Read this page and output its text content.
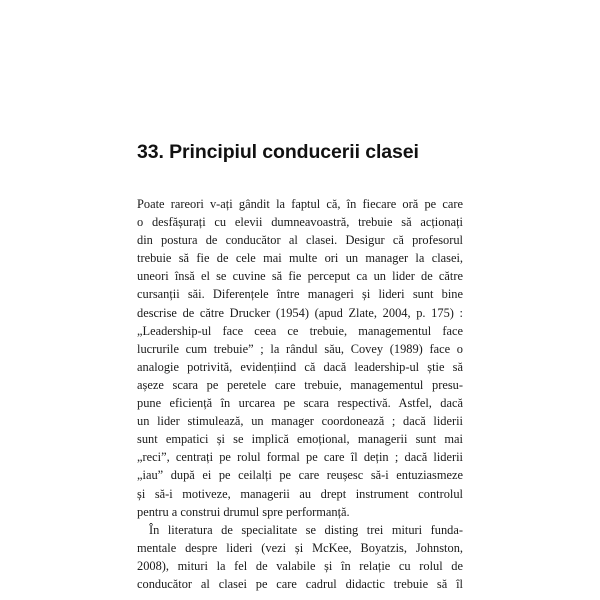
33. Principiul conducerii clasei
Poate rareori v-ați gândit la faptul că, în fiecare oră pe care
o desfășurați cu elevii dumneavoastră, trebuie să acționați
din postura de conducător al clasei. Desigur că profesorul
trebuie să fie de cele mai multe ori un manager la clasei,
uneori însă el se cuvine să fie perceput ca un lider de către
cursanții săi. Diferențele între manageri și lideri sunt bine
descrise de către Drucker (1954) (apud Zlate, 2004, p. 175) :
„Leadership-ul face ceea ce trebuie, managementul face
lucrurile cum trebuie” ; la rândul său, Covey (1989) face o
analogie potrivită, evidențiind că dacă leadership-ul știe să
așeze scara pe peretele care trebuie, managementul presu-
pune eficiență în urcarea pe scara respectivă. Astfel, dacă
un lider stimulează, un manager coordonează ; dacă liderii
sunt empatici și se implică emoțional, managerii sunt mai
„reci”, centrați pe rolul formal pe care îl dețin ; dacă liderii
„iau” după ei pe ceilalți pe care reușesc să-i entuziasmeze
și să-i motiveze, managerii au drept instrument controlul
pentru a construi drumul spre performanță.
În literatura de specialitate se disting trei mituri funda-
mentale despre lideri (vezi și McKee, Boyatzis, Johnston,
2008), mituri la fel de valabile și în relație cu rolul de
conducător al clasei pe care cadrul didactic trebuie să îl
